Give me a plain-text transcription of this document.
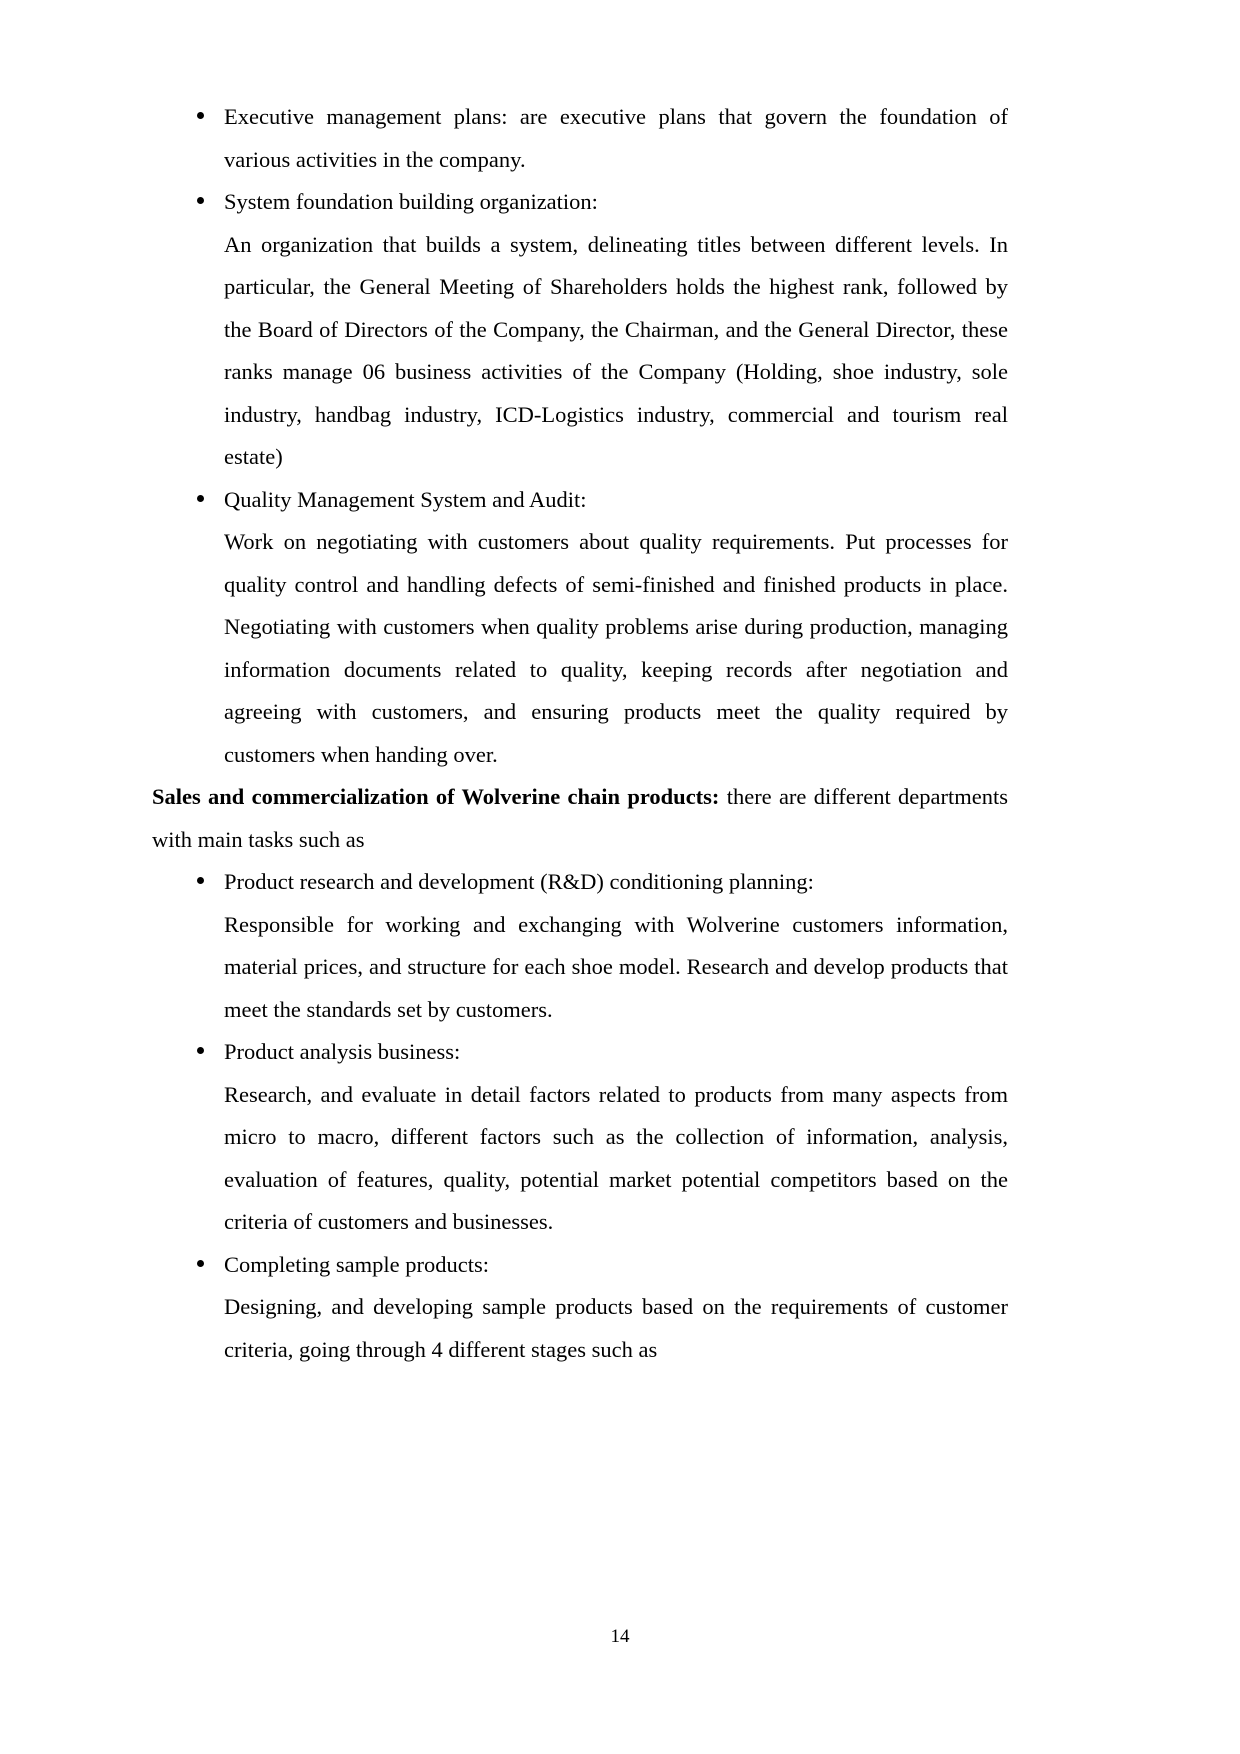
Executive management plans: are executive plans that govern the foundation of various activities in the company.

System foundation building organization:

An organization that builds a system, delineating titles between different levels. In particular, the General Meeting of Shareholders holds the highest rank, followed by the Board of Directors of the Company, the Chairman, and the General Director, these ranks manage 06 business activities of the Company (Holding, shoe industry, sole industry, handbag industry, ICD-Logistics industry, commercial and tourism real estate)

Quality Management System and Audit:

Work on negotiating with customers about quality requirements. Put processes for quality control and handling defects of semi-finished and finished products in place. Negotiating with customers when quality problems arise during production, managing information documents related to quality, keeping records after negotiation and agreeing with customers, and ensuring products meet the quality required by customers when handing over.

Sales and commercialization of Wolverine chain products: there are different departments with main tasks such as

Product research and development (R&D) conditioning planning:

Responsible for working and exchanging with Wolverine customers information, material prices, and structure for each shoe model. Research and develop products that meet the standards set by customers.

Product analysis business:

Research, and evaluate in detail factors related to products from many aspects from micro to macro, different factors such as the collection of information, analysis, evaluation of features, quality, potential market potential competitors based on the criteria of customers and businesses.

Completing sample products:

Designing, and developing sample products based on the requirements of customer criteria, going through 4 different stages such as

14
